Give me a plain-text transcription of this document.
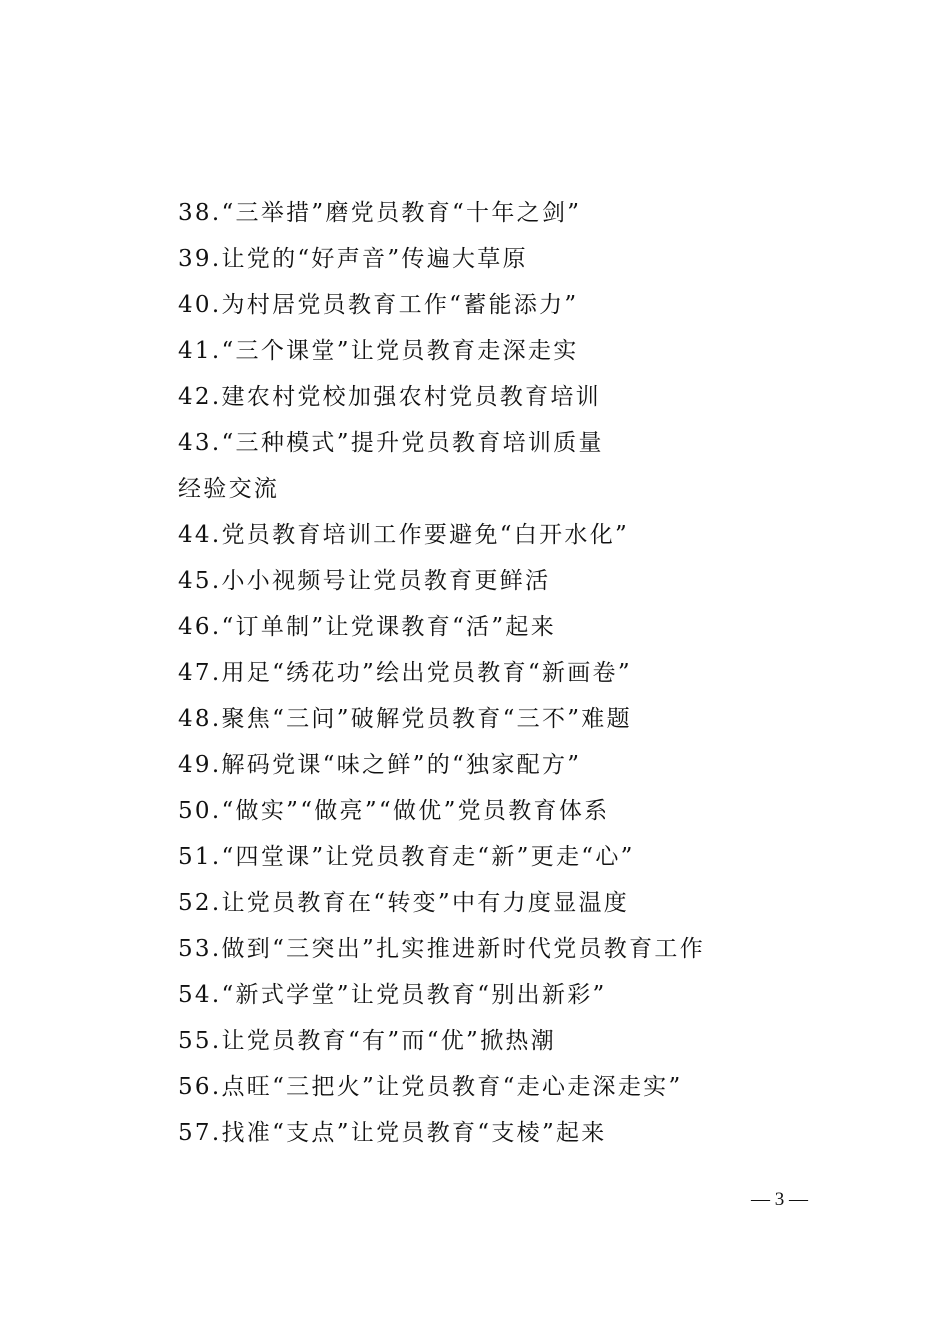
38.“三举措”磨党员教育“十年之剑”
39.让党的“好声音”传遍大草原
40.为村居党员教育工作“蓄能添力”
41.“三个课堂”让党员教育走深走实
42.建农村党校加强农村党员教育培训
43.“三种模式”提升党员教育培训质量
经验交流
44.党员教育培训工作要避免“白开水化”
45.小小视频号让党员教育更鲜活
46.“订单制”让党课教育“活”起来
47.用足“绣花功”绘出党员教育“新画卷”
48.聚焦“三问”破解党员教育“三不”难题
49.解码党课“味之鲜”的“独家配方”
50.“做实”“做亮”“做优”党员教育体系
51.“四堂课”让党员教育走“新”更走“心”
52.让党员教育在“转变”中有力度显温度
53.做到“三突出”扎实推进新时代党员教育工作
54.“新式学堂”让党员教育“别出新彩”
55.让党员教育“有”而“优”掀热潮
56.点旺“三把火”让党员教育“走心走深走实”
57.找准“支点”让党员教育“支棱”起来
— 3 —
